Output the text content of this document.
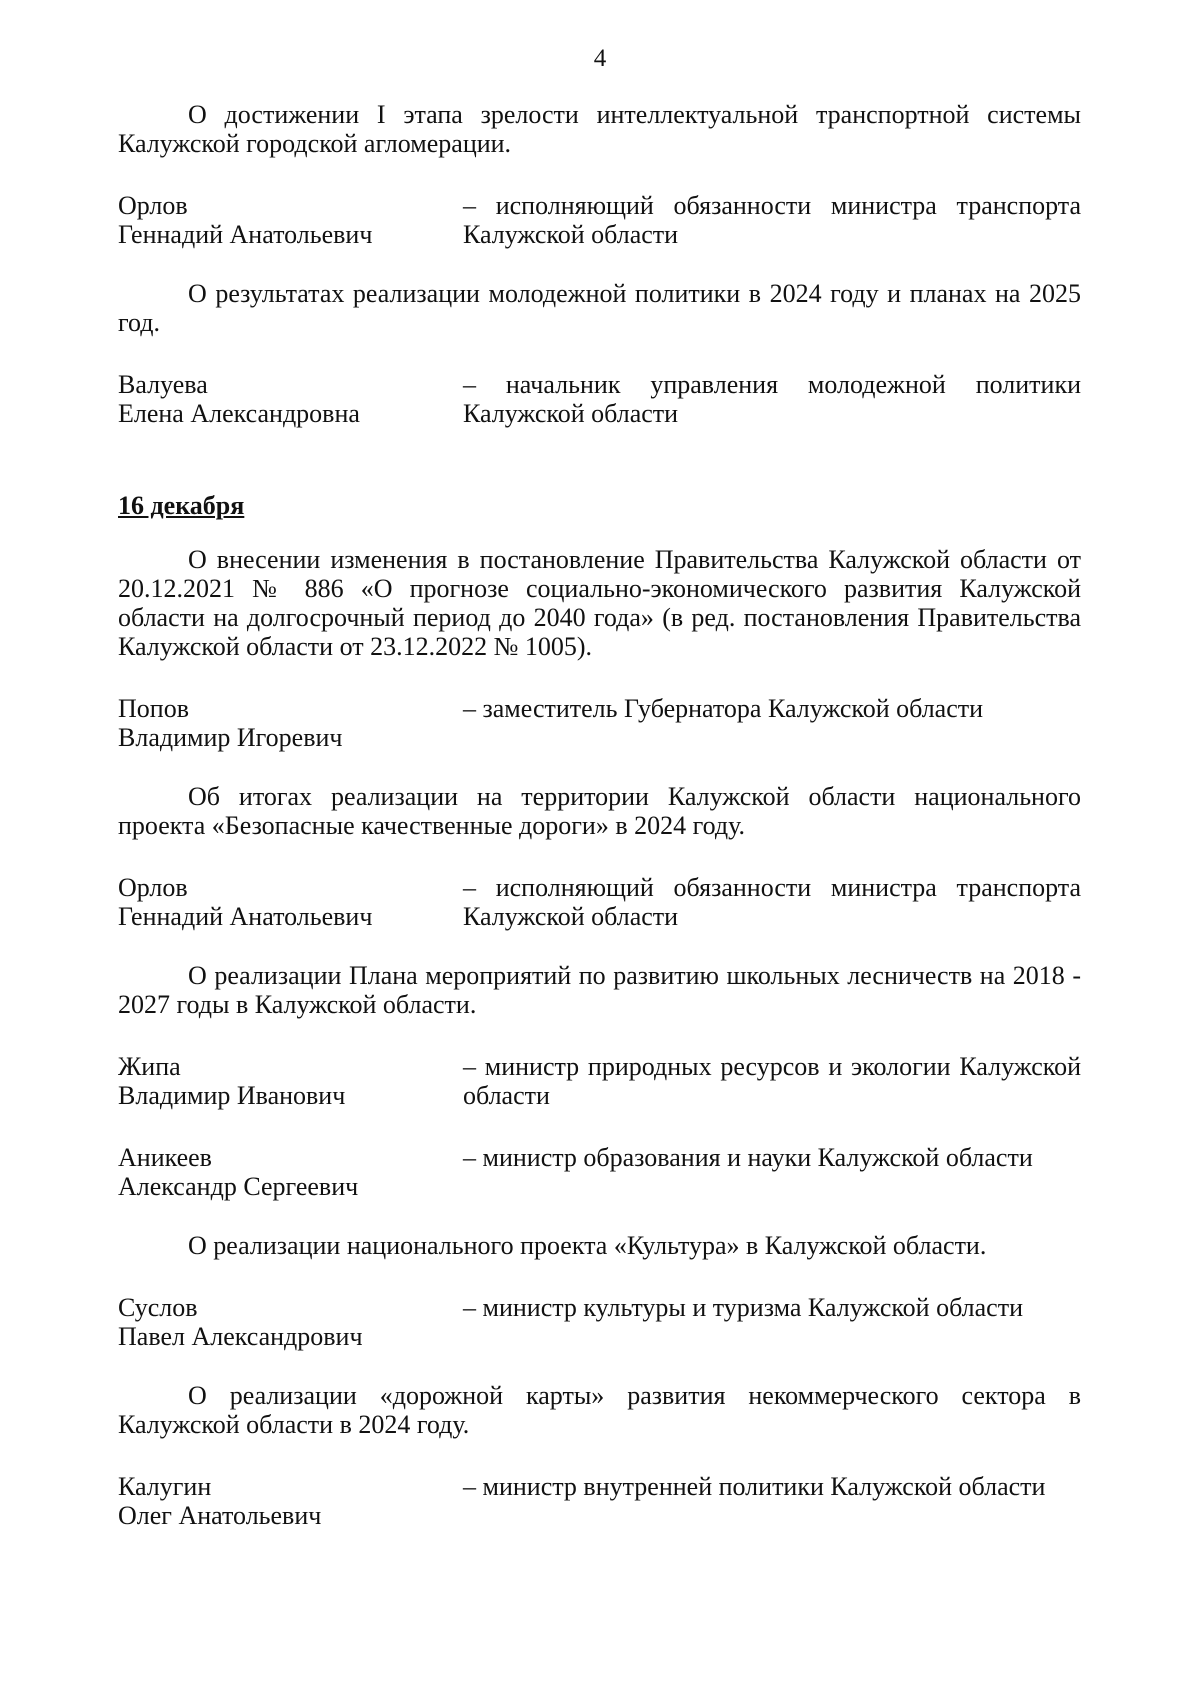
4

О достижении I этапа зрелости интеллектуальной транспортной системы Калужской городской агломерации.

Орлов
Геннадий Анатольевич
– исполняющий обязанности министра транспорта Калужской области

О результатах реализации молодежной политики в 2024 году и планах на 2025 год.

Валуева
Елена Александровна
– начальник управления молодежной политики Калужской области

16 декабря

О внесении изменения в постановление Правительства Калужской области от 20.12.2021 № 886 «О прогнозе социально-экономического развития Калужской области на долгосрочный период до 2040 года» (в ред. постановления Правительства Калужской области от 23.12.2022 № 1005).

Попов
Владимир Игоревич
– заместитель Губернатора Калужской области

Об итогах реализации на территории Калужской области национального проекта «Безопасные качественные дороги» в 2024 году.

Орлов
Геннадий Анатольевич
– исполняющий обязанности министра транспорта Калужской области

О реализации Плана мероприятий по развитию школьных лесничеств на 2018 - 2027 годы в Калужской области.

Жипа
Владимир Иванович
– министр природных ресурсов и экологии Калужской области
Аникеев
Александр Сергеевич
– министр образования и науки Калужской области

О реализации национального проекта «Культура» в Калужской области.

Суслов
Павел Александрович
– министр культуры и туризма Калужской области

О реализации «дорожной карты» развития некоммерческого сектора в Калужской области в 2024 году.

Калугин
Олег Анатольевич
– министр внутренней политики Калужской области
